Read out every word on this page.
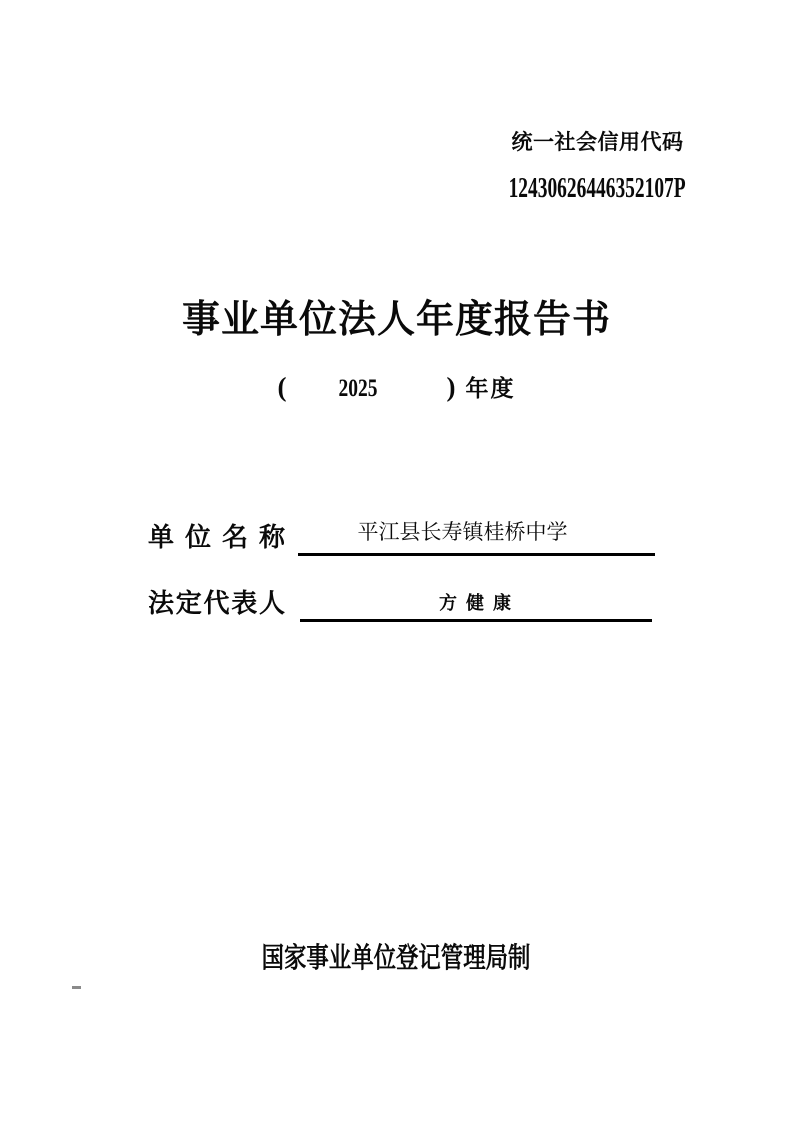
统一社会信用代码
12430626446352107P
事业单位法人年度报告书
( 2025	) 年度
单位名称	平江县长寿镇桂桥中学
法定代表人	方 健 康
国家事业单位登记管理局制
